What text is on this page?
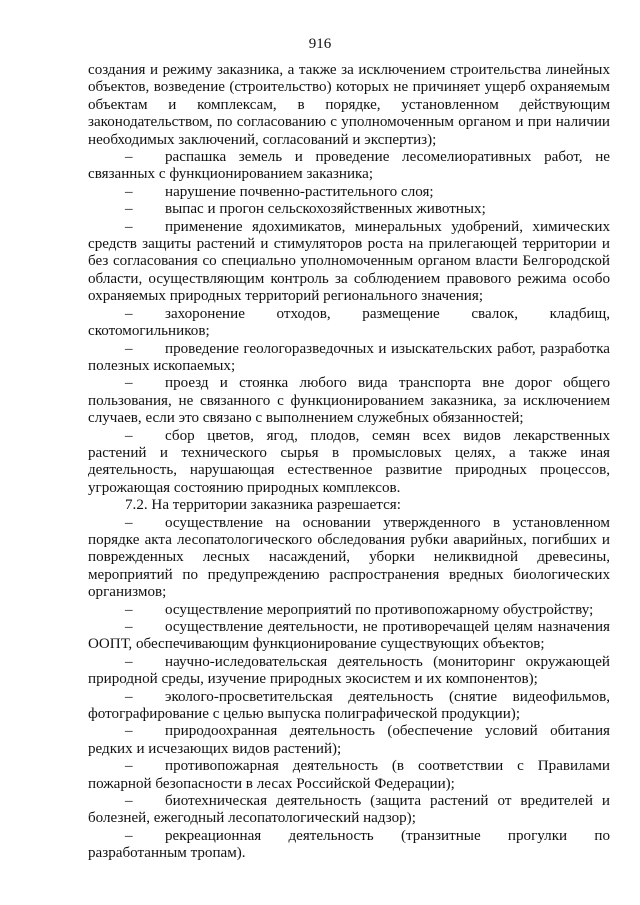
916

создания и режиму заказника, а также за исключением строительства линейных объектов, возведение (строительство) которых не причиняет ущерб охраняемым объектам и комплексам, в порядке, установленном действующим законодательством, по согласованию с уполномоченным органом и при наличии необходимых заключений, согласований и экспертиз);

–	распашка земель и проведение лесомелиоративных работ, не связанных с функционированием заказника;

–	нарушение почвенно-растительного слоя;

–	выпас и прогон сельскохозяйственных животных;

–	применение ядохимикатов, минеральных удобрений, химических средств защиты растений и стимуляторов роста на прилегающей территории и без согласования со специально уполномоченным органом власти Белгородской области, осуществляющим контроль за соблюдением правового режима особо охраняемых природных территорий регионального значения;

–	захоронение отходов, размещение свалок, кладбищ, скотомогильников;

–	проведение геологоразведочных и изыскательских работ, разработка полезных ископаемых;

–	проезд и стоянка любого вида транспорта вне дорог общего пользования, не связанного с функционированием заказника, за исключением случаев, если это связано с выполнением служебных обязанностей;

–	сбор цветов, ягод, плодов, семян всех видов лекарственных растений и технического сырья в промысловых целях, а также иная деятельность, нарушающая естественное развитие природных процессов, угрожающая состоянию природных комплексов.

7.2. На территории заказника разрешается:

–	осуществление на основании утвержденного в установленном порядке акта лесопатологического обследования рубки аварийных, погибших и поврежденных лесных насаждений, уборки неликвидной древесины, мероприятий по предупреждению распространения вредных биологических организмов;

–	осуществление мероприятий по противопожарному обустройству;

–	осуществление деятельности, не противоречащей целям назначения ООПТ, обеспечивающим функционирование существующих объектов;

–	научно-иследовательская деятельность (мониторинг окружающей природной среды, изучение природных экосистем и их компонентов);

–	эколого-просветительская деятельность (снятие видеофильмов, фотографирование с целью выпуска полиграфической продукции);

–	природоохранная деятельность (обеспечение условий обитания редких и исчезающих видов растений);

–	противопожарная деятельность (в соответствии с Правилами пожарной безопасности в лесах Российской Федерации);

–	биотехническая деятельность (защита растений от вредителей и болезней, ежегодный лесопатологический надзор);

–	рекреационная деятельность (транзитные прогулки по разработанным тропам).
